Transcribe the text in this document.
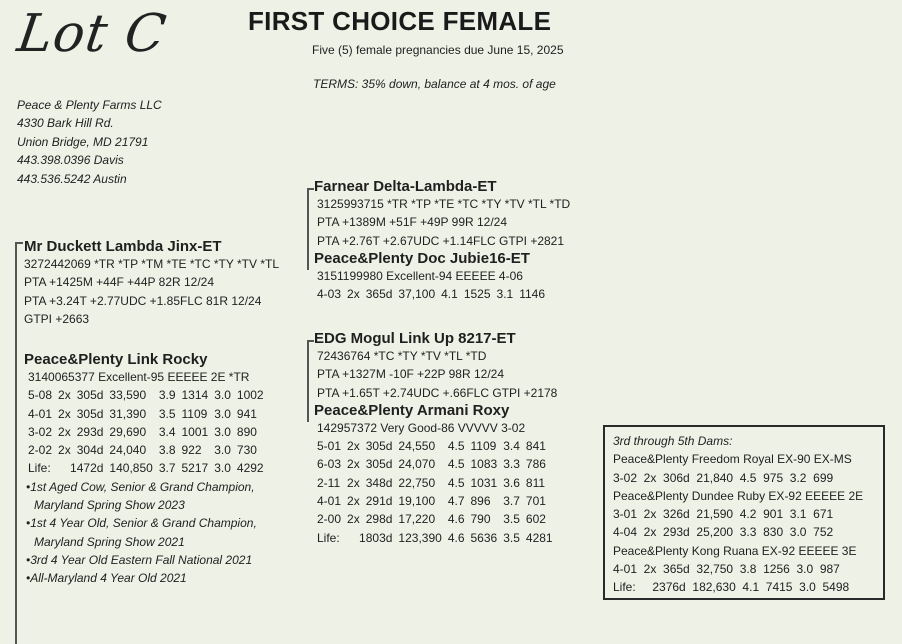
Lot C	FIRST CHOICE FEMALE
Five (5) female pregnancies due June 15, 2025
TERMS: 35% down, balance at 4 mos. of age
Peace & Plenty Farms LLC
4330 Bark Hill Rd.
Union Bridge, MD 21791
443.398.0396 Davis
443.536.5242 Austin
Mr Duckett Lambda Jinx-ET
3272442069 *TR *TP *TM *TE *TC *TY *TV *TL
PTA +1425M +44F +44P 82R 12/24
PTA +3.24T +2.77UDC +1.85FLC 81R 12/24
GTPI +2663
Peace&Plenty Link Rocky
3140065377 Excellent-95 EEEEE 2E *TR
5-08	2x	305d	33,590	3.9	1314	3.0	1002
4-01	2x	305d	31,390	3.5	1109	3.0	941
3-02	2x	293d	29,690	3.4	1001	3.0	890
2-02	2x	304d	24,040	3.8	922	3.0	730
Life:	1472d		140,850	3.7	5217	3.0	4292
•1st Aged Cow, Senior & Grand Champion,
Maryland Spring Show 2023
•1st 4 Year Old, Senior & Grand Champion,
Maryland Spring Show 2021
•3rd 4 Year Old Eastern Fall National 2021
•All-Maryland 4 Year Old 2021
Farnear Delta-Lambda-ET
3125993715 *TR *TP *TE *TC *TY *TV *TL *TD
PTA +1389M +51F +49P 99R 12/24
PTA +2.76T +2.67UDC +1.14FLC GTPI +2821
Peace&Plenty Doc Jubie16-ET
3151199980 Excellent-94 EEEEE 4-06
4-03	2x	365d	37,100	4.1	1525	3.1	1146
EDG Mogul Link Up 8217-ET
72436764 *TC *TY *TV *TL *TD
PTA +1327M -10F +22P 98R 12/24
PTA +1.65T +2.74UDC +.66FLC GTPI +2178
Peace&Plenty Armani Roxy
142957372 Very Good-86 VVVVV 3-02
5-01	2x	305d	24,550	4.5	1109	3.4	841
6-03	2x	305d	24,070	4.5	1083	3.3	786
2-11	2x	348d	22,750	4.5	1031	3.6	811
4-01	2x	291d	19,100	4.7	896	3.7	701
2-00	2x	298d	17,220	4.6	790	3.5	602
Life:	1803d		123,390	4.6	5636	3.5	4281
3rd through 5th Dams:
Peace&Plenty Freedom Royal EX-90 EX-MS
3-02  2x  306d  21,840  4.5  975  3.2  699
Peace&Plenty Dundee Ruby EX-92 EEEEE 2E
3-01  2x  326d  21,590  4.2  901  3.1  671
4-04  2x  293d  25,200  3.3  830  3.0  752
Peace&Plenty Kong Ruana EX-92 EEEEE 3E
4-01  2x  365d  32,750  3.8  1256  3.0  987
Life:     2376d  182,630  4.1  7415  3.0  5498
